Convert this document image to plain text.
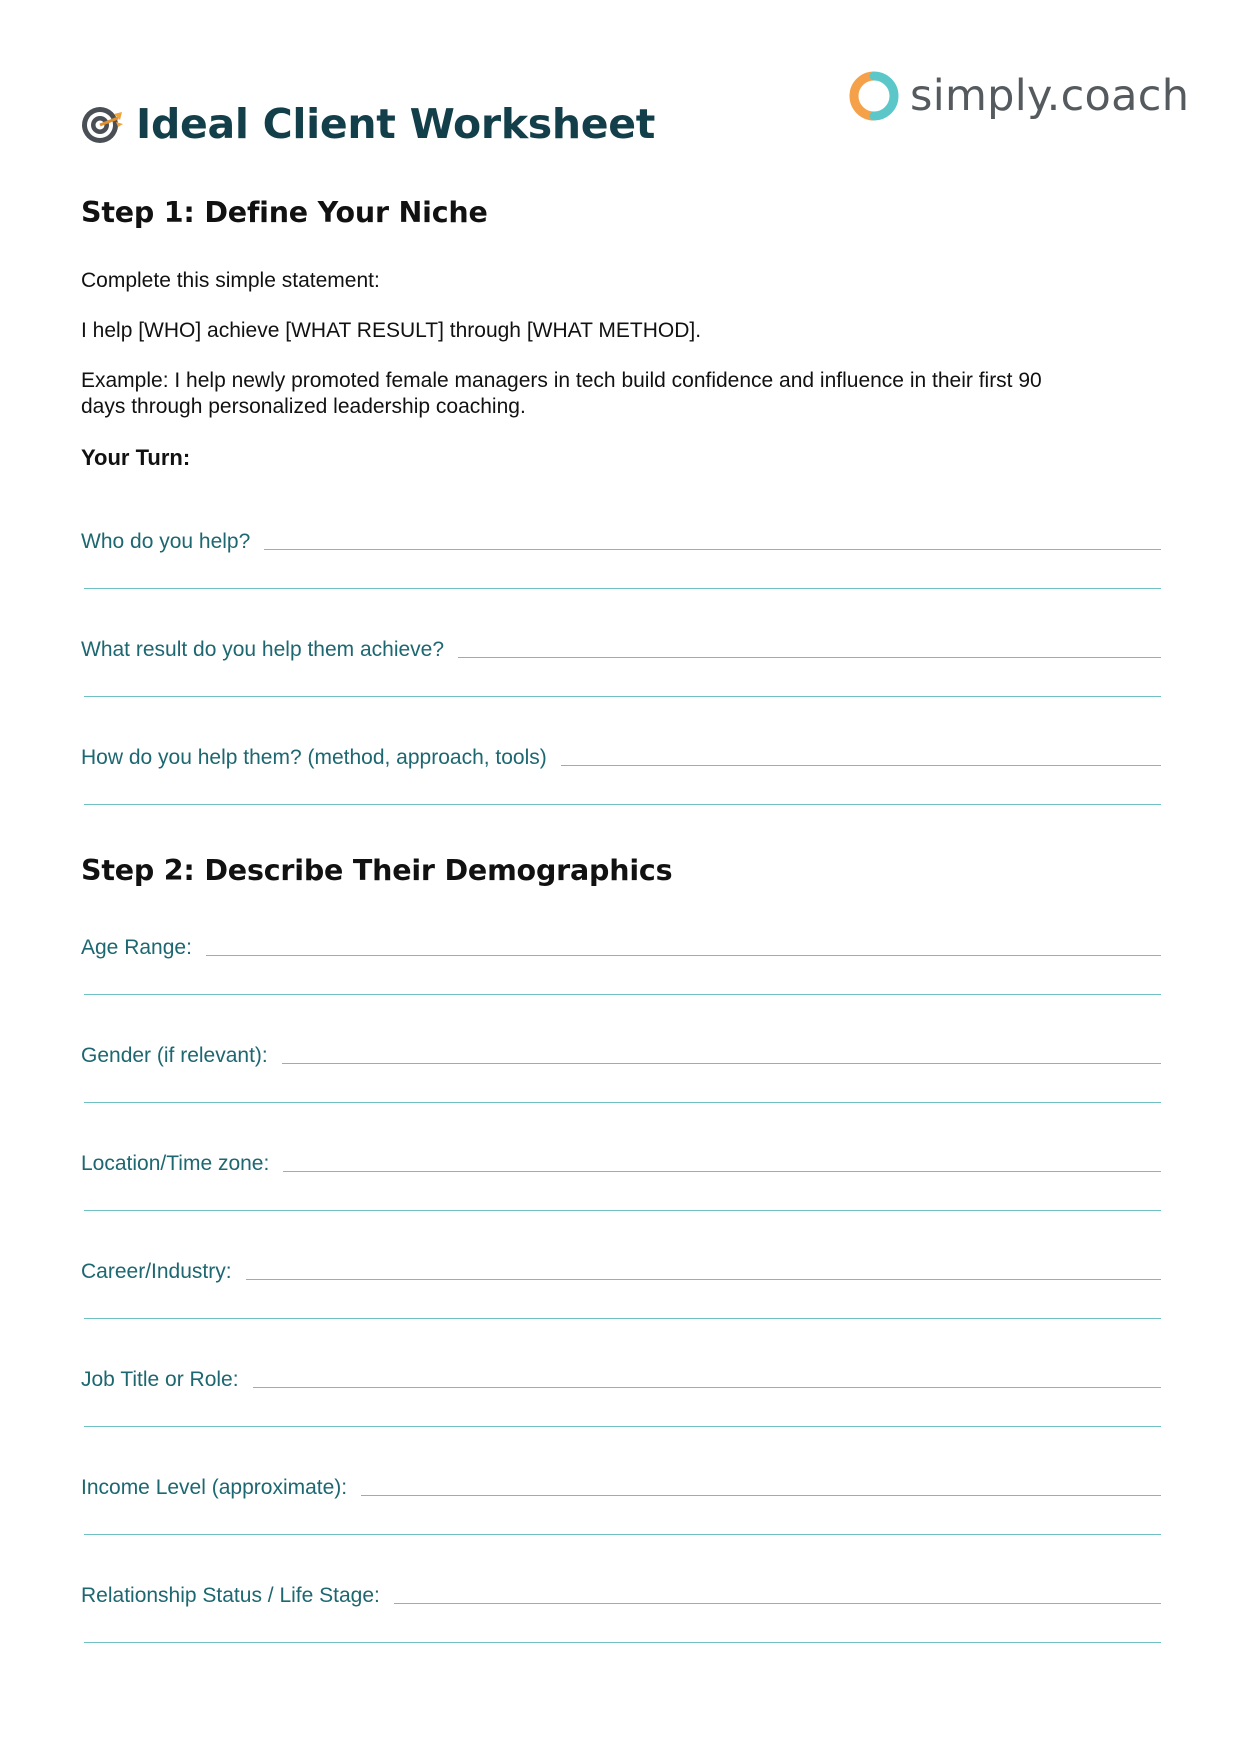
simply.coach
Ideal Client Worksheet
Step 1: Define Your Niche
Complete this simple statement:
I help [WHO] achieve [WHAT RESULT] through [WHAT METHOD].
Example: I help newly promoted female managers in tech build confidence and influence in their first 90 days through personalized leadership coaching.
Your Turn:
Who do you help?
What result do you help them achieve?
How do you help them? (method, approach, tools)
Step 2: Describe Their Demographics
Age Range:
Gender (if relevant):
Location/Time zone:
Career/Industry:
Job Title or Role:
Income Level (approximate):
Relationship Status / Life Stage:
